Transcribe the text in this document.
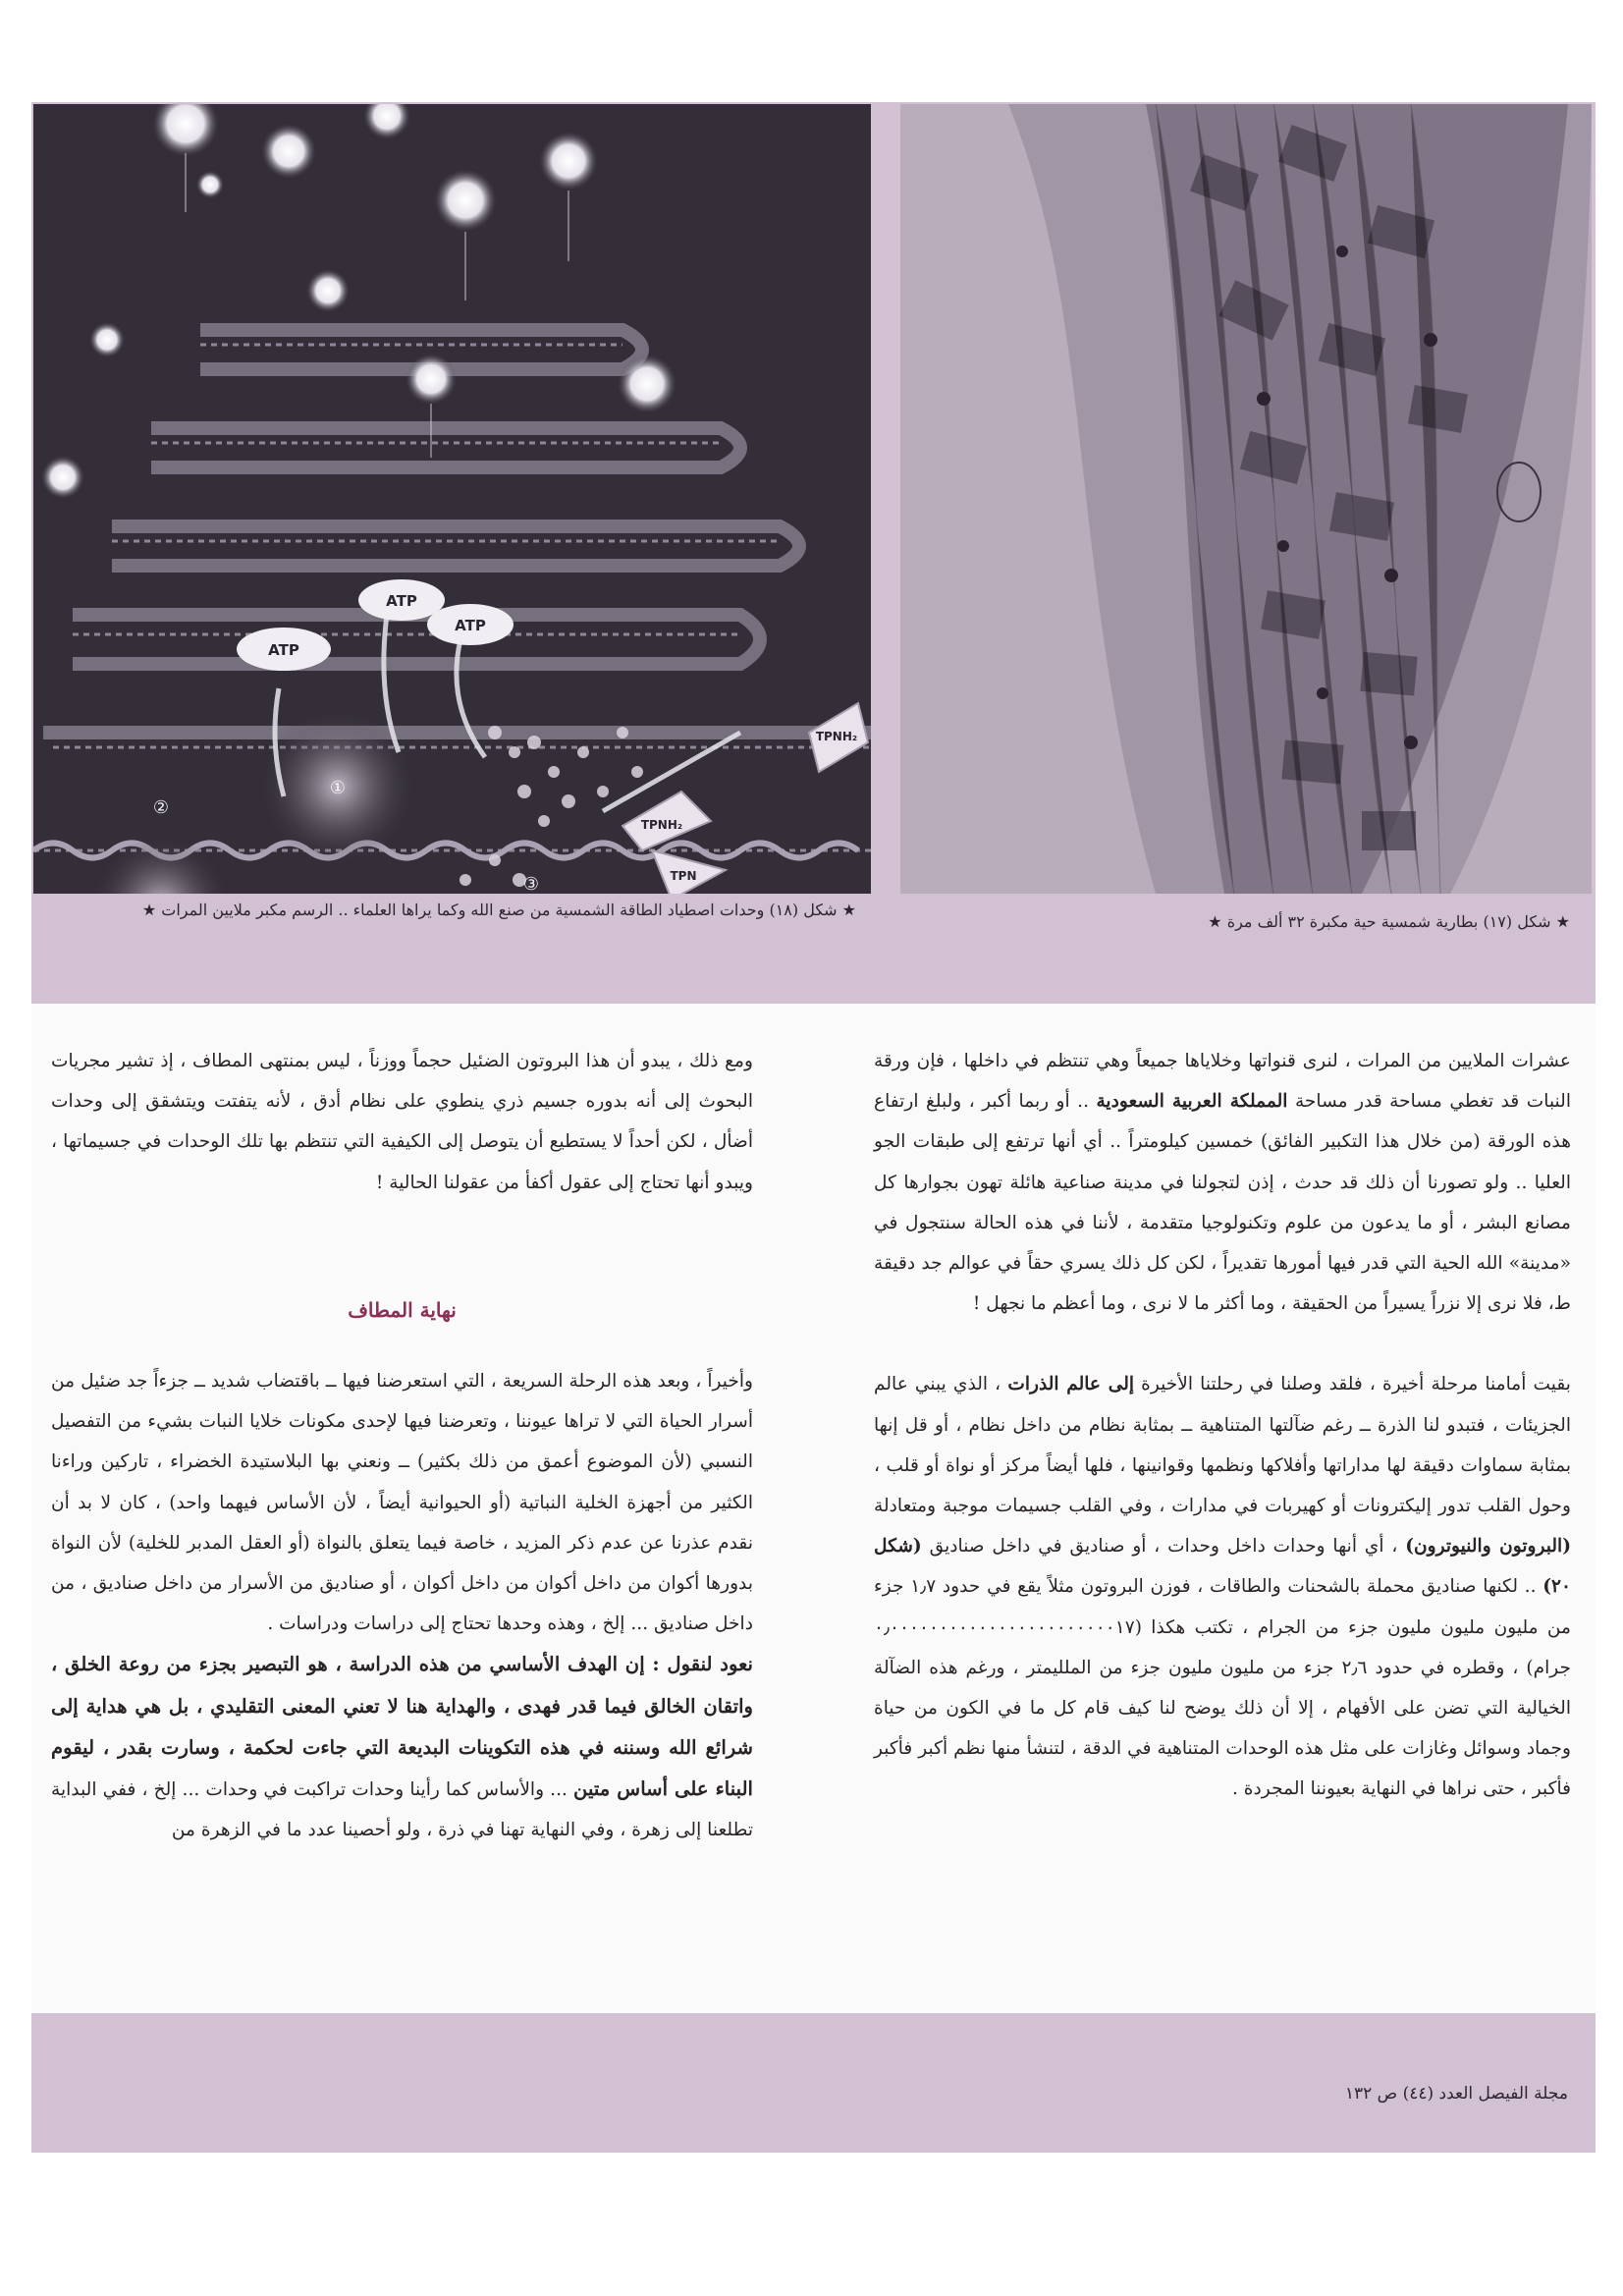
ATP
ATP
ATP
TPNH₂
TPNH₂
TPN
①
②
③
★ شكل (١٧) بطارية شمسية حية مكبرة ٣٢ ألف مرة ★
★ شكل (١٨) وحدات اصطياد الطاقة الشمسية من صنع الله وكما يراها العلماء .. الرسم مكبر ملايين المرات ★

عشرات الملايين من المرات ، لنرى قنواتها وخلاياها جميعاً وهي تنتظم في داخلها ، فإن ورقة النبات قد تغطي مساحة قدر مساحة المملكة العربية السعودية .. أو ربما أكبر ، ولبلغ ارتفاع هذه الورقة (من خلال هذا التكبير الفائق) خمسين كيلومتراً .. أي أنها ترتفع إلى طبقات الجو العليا .. ولو تصورنا أن ذلك قد حدث ، إذن لتجولنا في مدينة صناعية هائلة تهون بجوارها كل مصانع البشر ، أو ما يدعون من علوم وتكنولوجيا متقدمة ، لأننا في هذه الحالة سنتجول في «مدينة» الله الحية التي قدر فيها أمورها تقديراً ، لكن كل ذلك يسري حقاً في عوالم جد دقيقة ط، فلا نرى إلا نزراً يسيراً من الحقيقة ، وما أكثر ما لا نرى ، وما أعظم ما نجهل !

بقيت أمامنا مرحلة أخيرة ، فلقد وصلنا في رحلتنا الأخيرة إلى عالم الذرات ، الذي يبني عالم الجزيئات ، فتبدو لنا الذرة ــ رغم ضآلتها المتناهية ــ بمثابة نظام من داخل نظام ، أو قل إنها بمثابة سماوات دقيقة لها مداراتها وأفلاكها ونظمها وقوانينها ، فلها أيضاً مركز أو نواة أو قلب ، وحول القلب تدور إليكترونات أو كهيربات في مدارات ، وفي القلب جسيمات موجبة ومتعادلة (البروتون والنيوترون) ، أي أنها وحدات داخل وحدات ، أو صناديق في داخل صناديق (شكل ٢٠) .. لكنها صناديق محملة بالشحنات والطاقات ، فوزن البروتون مثلاً يقع في حدود ١٫٧ جزء من مليون مليون مليون جزء من الجرام ، تكتب هكذا (٠٫٠٠٠٠٠٠٠٠٠٠٠٠٠٠٠٠٠٠٠٠٠٠٠١٧ جرام) ، وقطره في حدود ٢٫٦ جزء من مليون مليون جزء من الملليمتر ، ورغم هذه الضآلة الخيالية التي تضن على الأفهام ، إلا أن ذلك يوضح لنا كيف قام كل ما في الكون من حياة وجماد وسوائل وغازات على مثل هذه الوحدات المتناهية في الدقة ، لتنشأ منها نظم أكبر فأكبر فأكبر ، حتى نراها في النهاية بعيوننا المجردة .

ومع ذلك ، يبدو أن هذا البروتون الضئيل حجماً ووزناً ، ليس بمنتهى المطاف ، إذ تشير مجريات البحوث إلى أنه بدوره جسيم ذري ينطوي على نظام أدق ، لأنه يتفتت ويتشقق إلى وحدات أضأل ، لكن أحداً لا يستطيع أن يتوصل إلى الكيفية التي تنتظم بها تلك الوحدات في جسيماتها ، ويبدو أنها تحتاج إلى عقول أكفأ من عقولنا الحالية !

نهاية المطاف

وأخيراً ، وبعد هذه الرحلة السريعة ، التي استعرضنا فيها ــ باقتضاب شديد ــ جزءاً جد ضئيل من أسرار الحياة التي لا تراها عيوننا ، وتعرضنا فيها لإحدى مكونات خلايا النبات بشيء من التفصيل النسبي (لأن الموضوع أعمق من ذلك بكثير) ــ ونعني بها البلاستيدة الخضراء ، تاركين وراءنا الكثير من أجهزة الخلية النباتية (أو الحيوانية أيضاً ، لأن الأساس فيهما واحد) ، كان لا بد أن نقدم عذرنا عن عدم ذكر المزيد ، خاصة فيما يتعلق بالنواة (أو العقل المدبر للخلية) لأن النواة بدورها أكوان من داخل أكوان من داخل أكوان ، أو صناديق من الأسرار من داخل صناديق ، من داخل صناديق ... إلخ ، وهذه وحدها تحتاج إلى دراسات ودراسات .

نعود لنقول : إن الهدف الأساسي من هذه الدراسة ، هو التبصير بجزء من روعة الخلق ، واتقان الخالق فيما قدر فهدى ، والهداية هنا لا تعني المعنى التقليدي ، بل هي هداية إلى شرائع الله وسننه في هذه التكوينات البديعة التي جاءت لحكمة ، وسارت بقدر ، ليقوم البناء على أساس متين ... والأساس كما رأينا وحدات تراكبت في وحدات ... إلخ ، ففي البداية تطلعنا إلى زهرة ، وفي النهاية تهنا في ذرة ، ولو أحصينا عدد ما في الزهرة من

مجلة الفيصل العدد (٤٤) ص ١٣٢
